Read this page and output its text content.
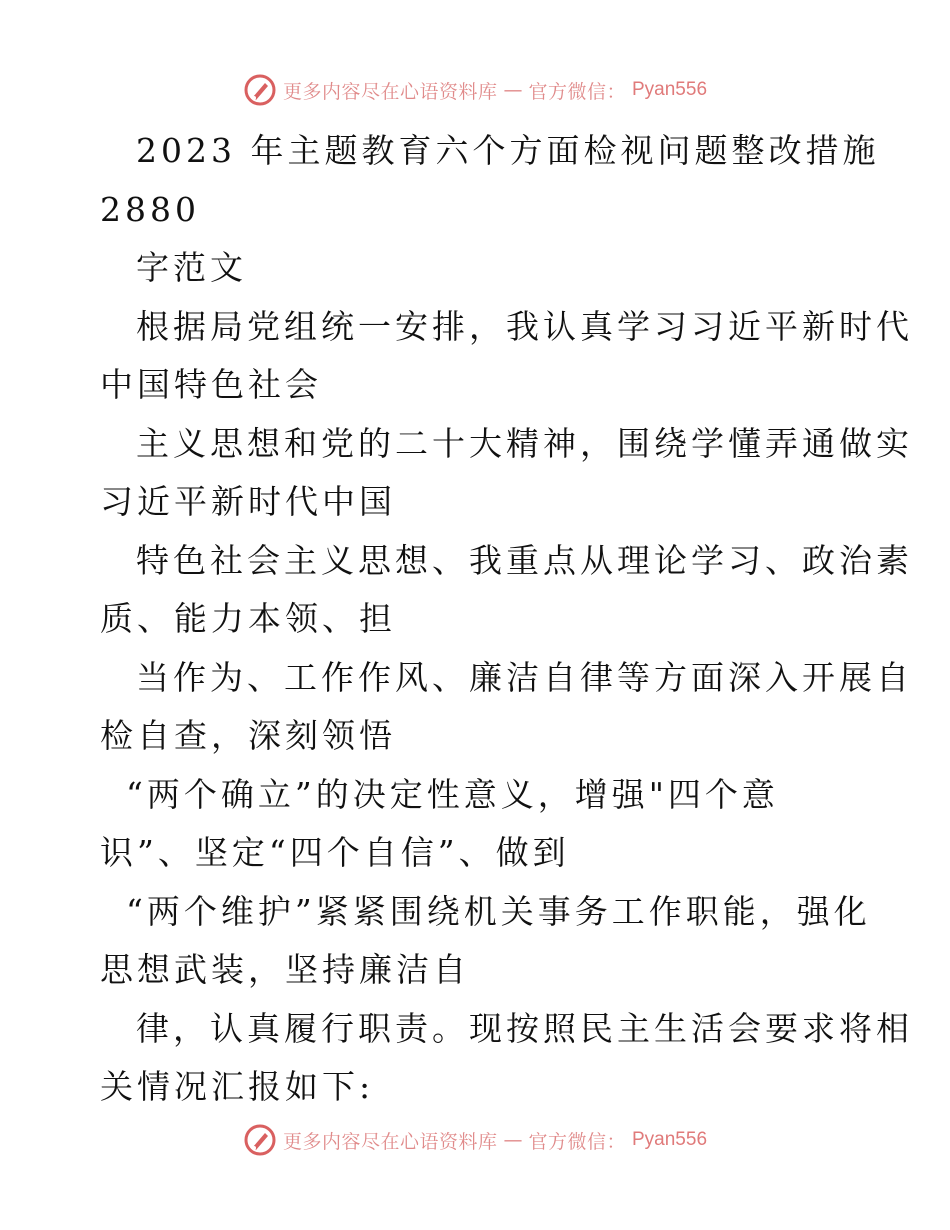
更多内容尽在心语资料库 — 官方微信： Pyan556
2023 年主题教育六个方面检视问题整改措施
2880
字范文
根据局党组统一安排，我认真学习习近平新时代
中国特色社会
主义思想和党的二十大精神，围绕学懂弄通做实
习近平新时代中国
特色社会主义思想、我重点从理论学习、政治素
质、能力本领、担
当作为、工作作风、廉洁自律等方面深入开展自
检自查，深刻领悟
“两个确立”的决定性意义，增强"四个意
识”、坚定“四个自信”、做到
“两个维护”紧紧围绕机关事务工作职能，强化
思想武装，坚持廉洁自
律，认真履行职责。现按照民主生活会要求将相
关情况汇报如下:
更多内容尽在心语资料库 — 官方微信： Pyan556
